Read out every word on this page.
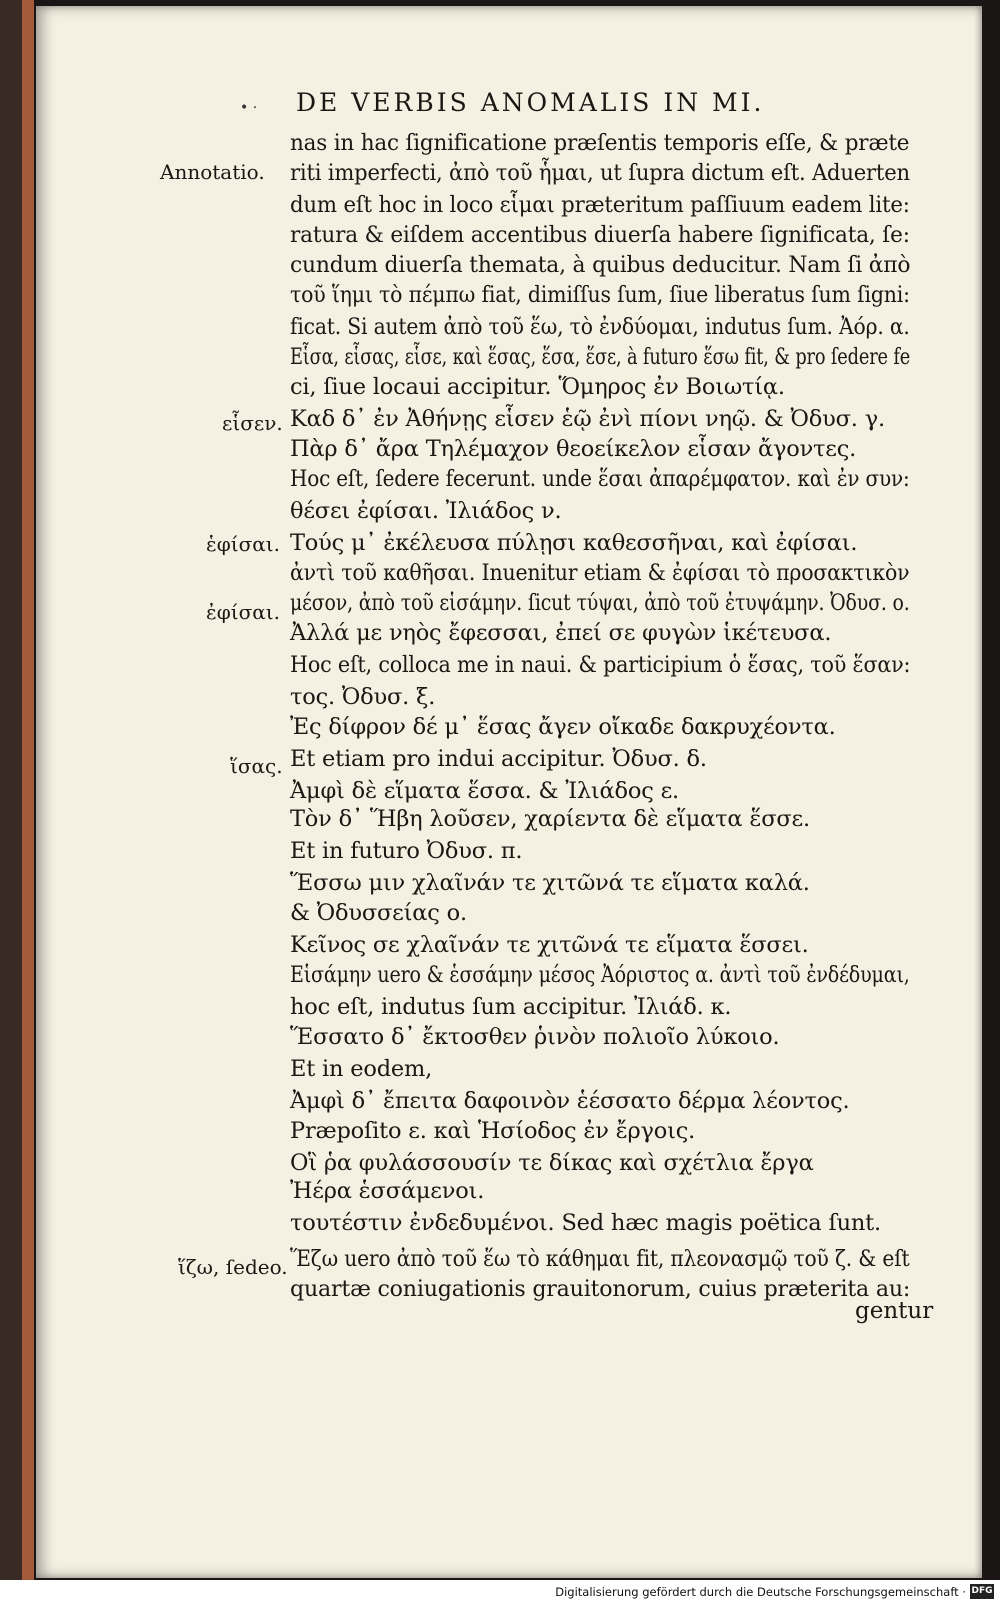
• · DE VERBIS ANOMALIS IN MI.
Annotatio.
εἷσεν.
ἑφίσαι.
ἐφίσαι.
ἵσας.
ἵζω, ſedeo.
nas in hac ſignificatione præſentis temporis eſſe, & præte
riti imperfecti, ἀπὸ τοῦ ἧμαι, ut ſupra dictum eſt. Aduerten
dum eſt hoc in loco εἷμαι præteritum paſſiuum eadem lite:
ratura & eiſdem accentibus diuerſa habere ſignificata, ſe:
cundum diuerſa themata, à quibus deducitur. Nam ſi ἀπὸ
τοῦ ἵημι τὸ πέμπω fiat, dimiſſus ſum, ſiue liberatus ſum ſigni:
ficat. Si autem ἀπὸ τοῦ ἕω, τὸ ἐνδύομαι, indutus ſum. Ἀόρ. α.
Εἷσα, εἷσας, εἷσε, καὶ ἕσας, ἕσα, ἕσε, à futuro ἕσω fit, & pro ſedere fe
ci, ſiue locaui accipitur. Ὅμηρος ἐν Βοιωτίᾳ.
Καδ δ᾽ ἐν Ἀθήνῃς εἷσεν ἑῷ ἐνὶ πίονι νηῷ. & Ὀδυσ. γ.
Πὰρ δ᾽ ἄρα Τηλέμαχον θεοείκελον εἷσαν ἄγοντες.
Hoc eſt, ſedere fecerunt. unde ἕσαι ἀπαρέμφατον. καὶ ἐν συν:
θέσει ἐφίσαι. Ἰλιάδος ν.
Τούς μ᾽ ἐκέλευσα πύλῃσι καθεσσῆναι, καὶ ἐφίσαι.
ἀντὶ τοῦ καθῆσαι. Inuenitur etiam & ἐφίσαι τὸ προσακτικὸν
μέσον, ἀπὸ τοῦ εἱσάμην. ſicut τύψαι, ἀπὸ τοῦ ἐτυψάμην. Ὀδυσ. ο.
Ἀλλά με νηὸς ἔφεσσαι, ἐπεί σε φυγὼν ἱκέτευσα.
Hoc eſt, colloca me in naui. & participium ὁ ἕσας, τοῦ ἕσαν:
τος. Ὀδυσ. ξ.
Ἐς δίφρον δέ μ᾽ ἕσας ἄγεν οἴκαδε δακρυχέοντα.
Et etiam pro indui accipitur. Ὀδυσ. δ.
Ἀμφὶ δὲ εἵματα ἕσσα. & Ἰλιάδος ε.
Τὸν δ᾽ Ἥβη λοῦσεν, χαρίεντα δὲ εἵματα ἕσσε.
Et in futuro Ὀδυσ. π.
Ἕσσω μιν χλαῖνάν τε χιτῶνά τε εἵματα καλά.
& Ὀδυσσείας ο.
Κεῖνος σε χλαῖνάν τε χιτῶνά τε εἵματα ἕσσει.
Εἱσάμην uero & ἑσσάμην μέσος Ἀόριστος α. ἀντὶ τοῦ ἐνδέδυμαι,
hoc eſt, indutus ſum accipitur. Ἰλιάδ. κ.
Ἕσσατο δ᾽ ἔκτοσθεν ῥινὸν πολιοῖο λύκοιο.
Et in eodem,
Ἀμφὶ δ᾽ ἔπειτα δαφοινὸν ἑέσσατο δέρμα λέοντος.
Præpoſito ε. καὶ Ἡσίοδος ἐν ἔργοις.
Οἳ ῥα φυλάσσουσίν τε δίκας καὶ σχέτλια ἔργα
Ἠέρα ἑσσάμενοι.
τουτέστιν ἐνδεδυμένοι. Sed hæc magis poëtica ſunt.
Ἕζω uero ἀπὸ τοῦ ἕω τὸ κάθημαι fit, πλεονασμῷ τοῦ ζ. & eſt
quartæ coniugationis grauitonorum, cuius præterita au:
gentur
Digitalisierung gefördert durch die Deutsche Forschungsgemeinschaft · DFG
